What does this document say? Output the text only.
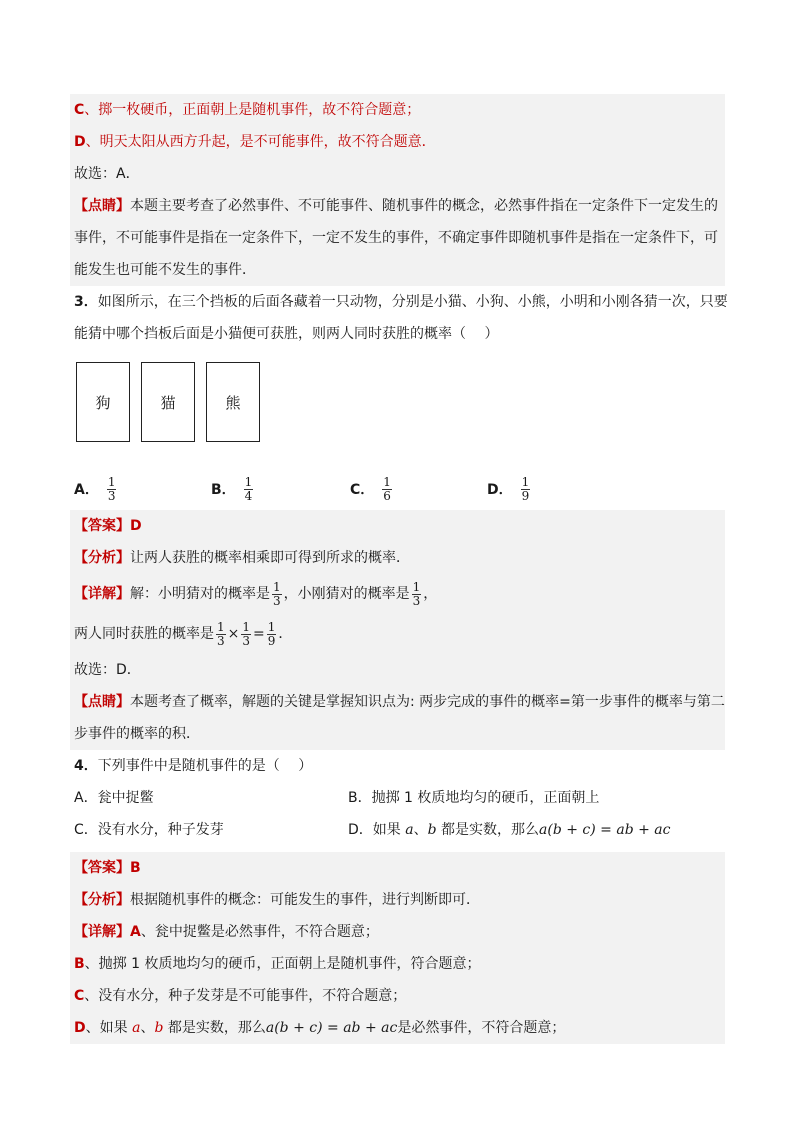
C、掷一枚硬币，正面朝上是随机事件，故不符合题意；
D、明天太阳从西方升起，是不可能事件，故不符合题意．
故选：A．
【点睛】本题主要考查了必然事件、不可能事件、随机事件的概念，必然事件指在一定条件下一定发生的
事件，不可能事件是指在一定条件下，一定不发生的事件，不确定事件即随机事件是指在一定条件下，可
能发生也可能不发生的事件．
3．如图所示，在三个挡板的后面各藏着一只动物，分别是小猫、小狗、小熊，小明和小刚各猜一次，只要
能猜中哪个挡板后面是小猫便可获胜，则两人同时获胜的概率（　 ）
狗	猫	熊
A． $\frac{1}{3}$	B． $\frac{1}{4}$	C． $\frac{1}{6}$	D． $\frac{1}{9}$
【答案】D
【分析】让两人获胜的概率相乘即可得到所求的概率．
【详解】解：小明猜对的概率是 $\frac{1}{3}$ ，小刚猜对的概率是 $\frac{1}{3}$ ，
两人同时获胜的概率是 $\frac{1}{3} \times \frac{1}{3} = \frac{1}{9}$ ．
故选：D．
【点睛】本题考查了概率，解题的关键是掌握知识点为: 两步完成的事件的概率=第一步事件的概率与第二
步事件的概率的积．
4．下列事件中是随机事件的是（　 ）
A．瓮中捉鳖	B．抛掷 1 枚质地均匀的硬币，正面朝上
C．没有水分，种子发芽	D．如果 a、b 都是实数，那么a(b + c) = ab + ac
【答案】B
【分析】根据随机事件的概念：可能发生的事件，进行判断即可．
【详解】A、瓮中捉鳖是必然事件，不符合题意；
B、抛掷 1 枚质地均匀的硬币，正面朝上是随机事件，符合题意；
C、没有水分，种子发芽是不可能事件，不符合题意；
D、如果 a、b 都是实数，那么a(b + c) = ab + ac是必然事件，不符合题意；
